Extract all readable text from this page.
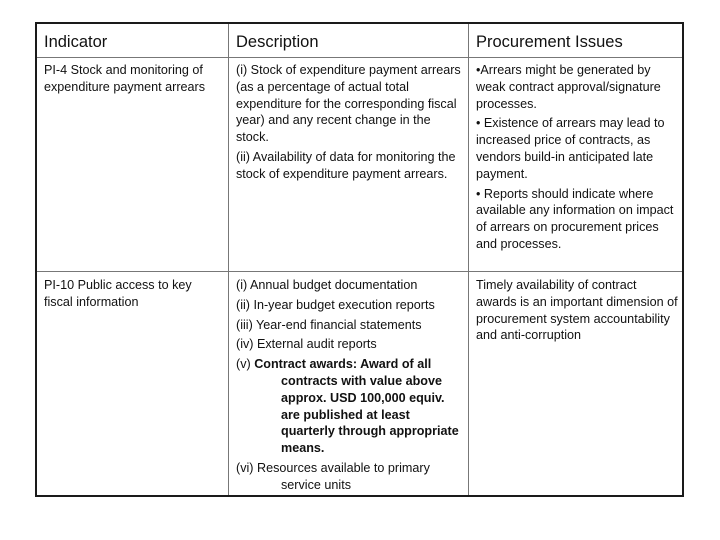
Indicator	Description	Procurement Issues
PI-4 Stock and monitoring of expenditure payment arrears
(i) Stock of expenditure payment arrears (as a percentage of actual total expenditure for the corresponding fiscal year) and any recent change in the stock.
(ii) Availability of data for monitoring the stock of expenditure payment arrears.
•Arrears might be generated by weak contract approval/signature processes.
• Existence of arrears may lead to increased price of contracts, as vendors build-in anticipated late payment.
• Reports should indicate where available any information on impact of arrears on procurement prices and processes.
PI-10 Public access to key fiscal information
(i) Annual budget documentation
(ii) In-year budget execution reports
(iii) Year-end financial statements
(iv) External audit reports
(v) Contract awards: Award of all contracts with value above approx. USD 100,000 equiv. are published at least quarterly through appropriate means.
(vi) Resources available to primary service units
Timely availability of contract awards is an important dimension of procurement system accountability and anti-corruption
